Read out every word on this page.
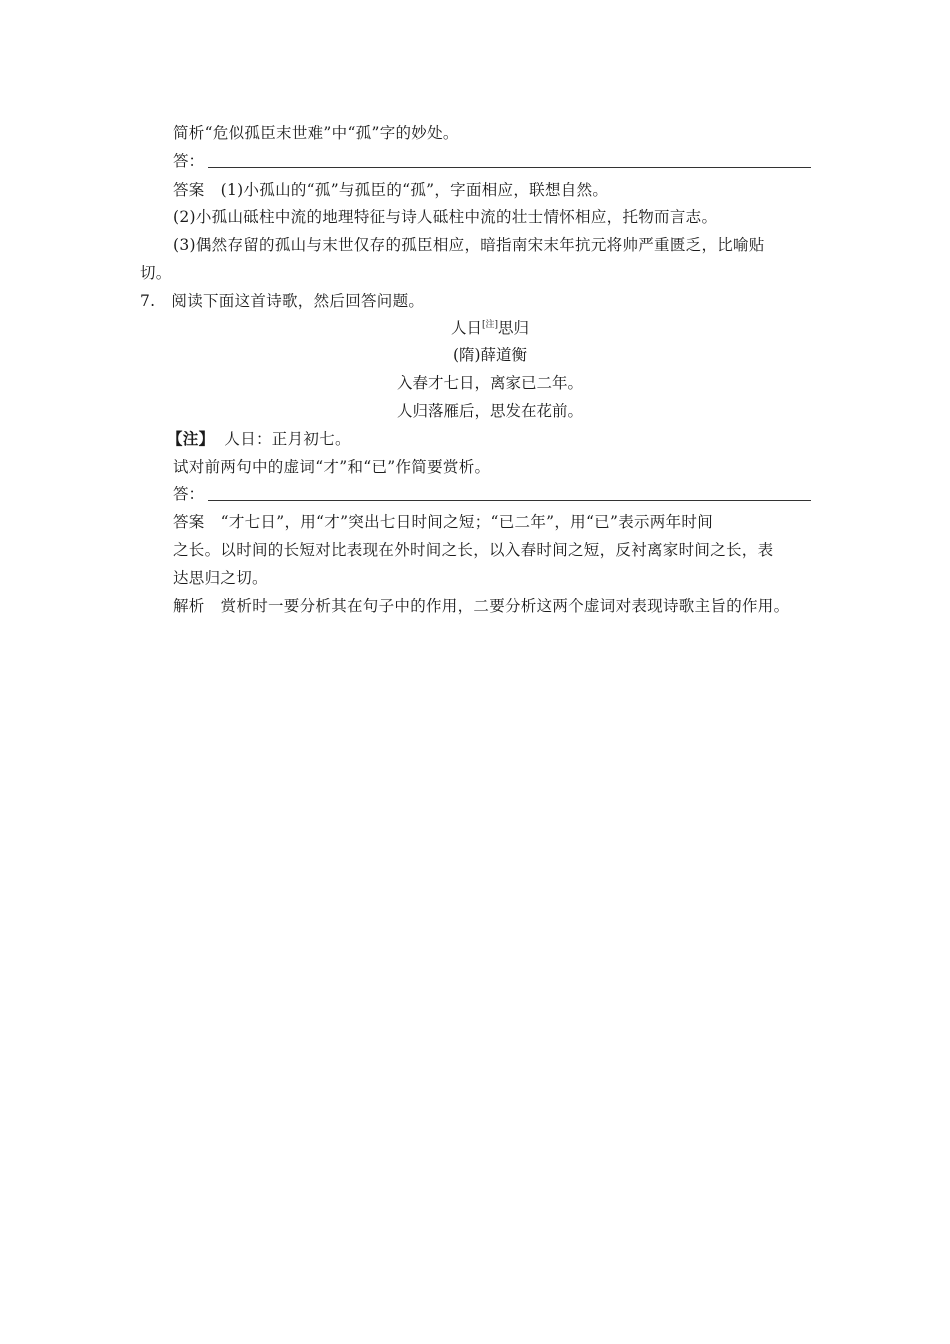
简析“危似孤臣末世难”中“孤”字的妙处。
答：
答案 (1)小孤山的“孤”与孤臣的“孤”，字面相应，联想自然。
(2)小孤山砥柱中流的地理特征与诗人砥柱中流的壮士情怀相应，托物而言志。
(3)偶然存留的孤山与末世仅存的孤臣相应，暗指南宋末年抗元将帅严重匮乏，比喻贴
切。
7. 阅读下面这首诗歌，然后回答问题。
人日[注]思归
(隋)薛道衡
入春才七日，离家已二年。
人归落雁后，思发在花前。
【注】 人日：正月初七。
试对前两句中的虚词“才”和“已”作简要赏析。
答：
答案 “才七日”，用“才”突出七日时间之短；“已二年”，用“已”表示两年时间
之长。以时间的长短对比表现在外时间之长，以入春时间之短，反衬离家时间之长，表
达思归之切。
解析 赏析时一要分析其在句子中的作用，二要分析这两个虚词对表现诗歌主旨的作用。
